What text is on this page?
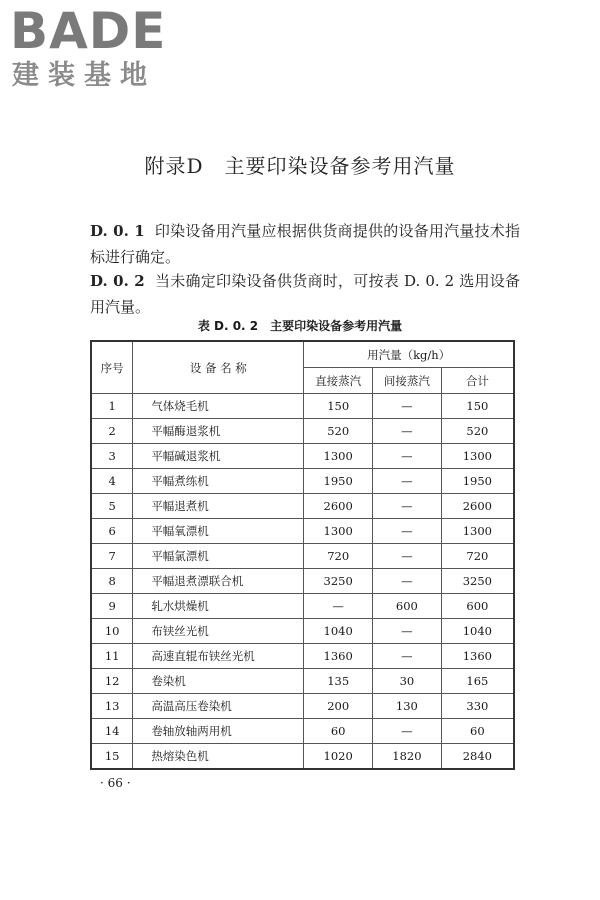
BADE
建装基地
附录D　主要印染设备参考用汽量
D. 0. 1 印染设备用汽量应根据供货商提供的设备用汽量技术指标进行确定。
D. 0. 2 当未确定印染设备供货商时，可按表 D. 0. 2 选用设备用汽量。
表 D. 0. 2 主要印染设备参考用汽量
序号	设 备 名 称	用汽量（kg/h）		
		直接蒸汽	间接蒸汽	合计
1	气体烧毛机	150	—	150
2	平幅酶退浆机	520	—	520
3	平幅碱退浆机	1300	—	1300
4	平幅煮练机	1950	—	1950
5	平幅退煮机	2600	—	2600
6	平幅氧漂机	1300	—	1300
7	平幅氯漂机	720	—	720
8	平幅退煮漂联合机	3250	—	3250
9	轧水烘燥机	—	600	600
10	布铗丝光机	1040	—	1040
11	高速直辊布铗丝光机	1360	—	1360
12	卷染机	135	30	165
13	高温高压卷染机	200	130	330
14	卷轴放轴两用机	60	—	60
15	热熔染色机	1020	1820	2840
· 66 ·
